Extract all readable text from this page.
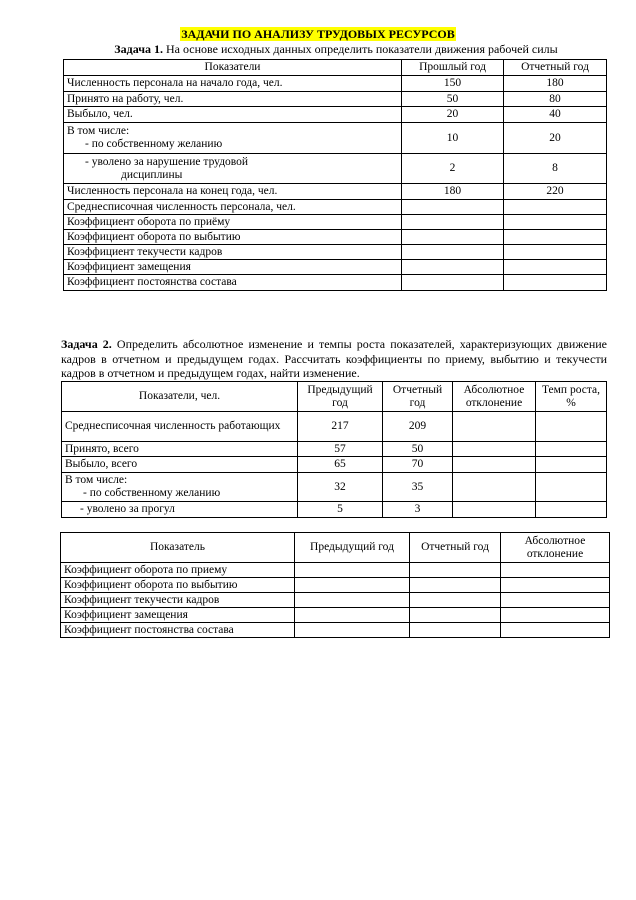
ЗАДАЧИ ПО АНАЛИЗУ ТРУДОВЫХ РЕСУРСОВ
Задача 1. На основе исходных данных определить показатели движения рабочей силы
Показатели	Прошлый год	Отчетный год
Численность персонала на начало года, чел.	150	180
Принято на работу, чел.	50	80
Выбыло, чел.	20	40

В том числе:
- по собственному желанию	10	20

- уволено за нарушение трудовой
дисциплины	2	8
Численность персонала на конец года, чел.	180	220
Среднесписочная численность персонала, чел.		
Коэффициент оборота по приёму		
Коэффициент оборота по выбытию		
Коэффициент текучести кадров		
Коэффициент замещения		
Коэффициент постоянства состава		

Задача 2. Определить абсолютное изменение и темпы роста показателей, характеризующих движение кадров в отчетном и предыдущем годах. Рассчитать коэффициенты по приему, выбытию и текучести кадров в отчетном и предыдущем годах, найти изменение.

Показатели, чел.	Предыдущий год	Отчетный год	Абсолютное отклонение	Темп роста, %
Среднесписочная численность работающих	217	209		
Принято, всего	57	50		
Выбыло, всего	65	70		

В том числе:
- по собственному желанию	32	35		
- уволено за прогул	5	3		
Показатель	Предыдущий год	Отчетный год	Абсолютное отклонение
Коэффициент оборота по приему			
Коэффициент оборота по выбытию			
Коэффициент текучести кадров			
Коэффициент замещения			
Коэффициент постоянства состава			
